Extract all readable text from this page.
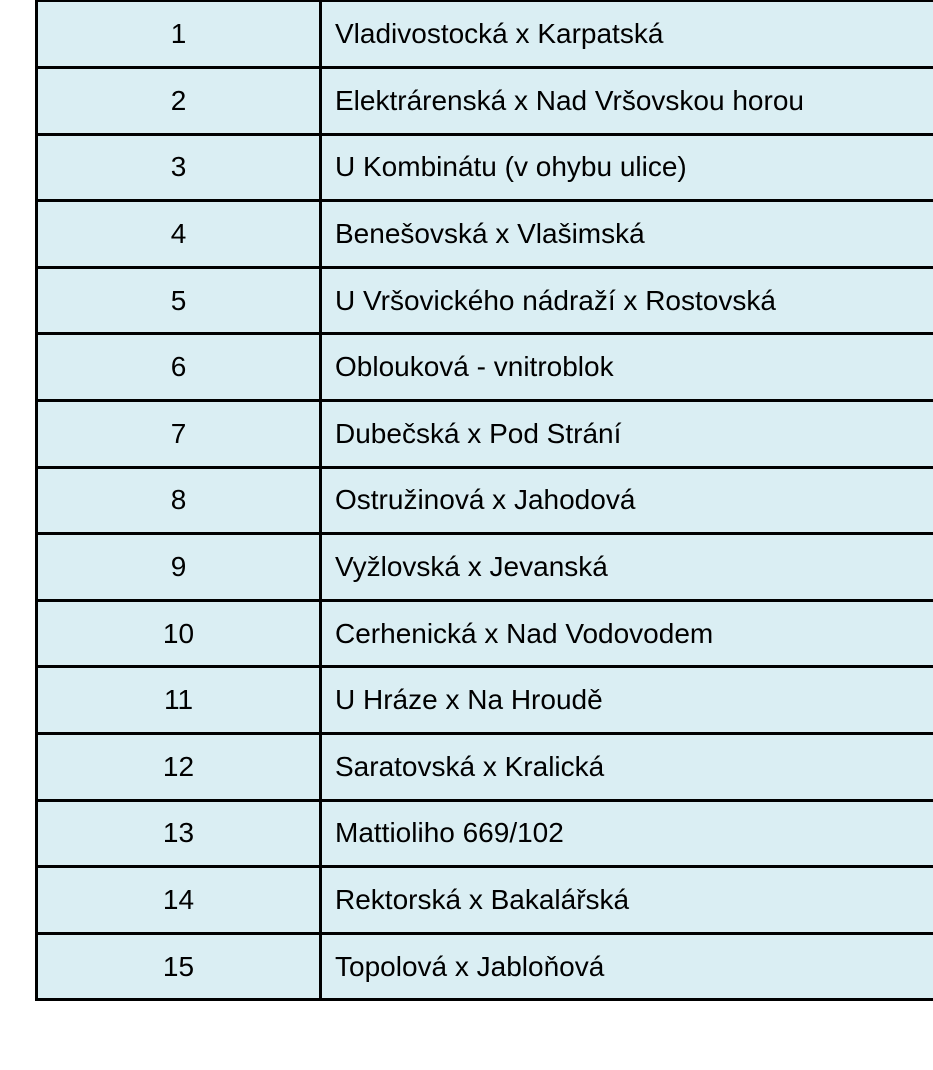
1	Vladivostocká x Karpatská
2	Elektrárenská x Nad Vršovskou horou
3	U Kombinátu (v ohybu ulice)
4	Benešovská x Vlašimská
5	U Vršovického nádraží x Rostovská
6	Oblouková - vnitroblok
7	Dubečská x Pod Strání
8	Ostružinová x Jahodová
9	Vyžlovská x Jevanská
10	Cerhenická x Nad Vodovodem
11	U Hráze x Na Hroudě
12	Saratovská x Kralická
13	Mattioliho 669/102
14	Rektorská x Bakalářská
15	Topolová x Jabloňová
